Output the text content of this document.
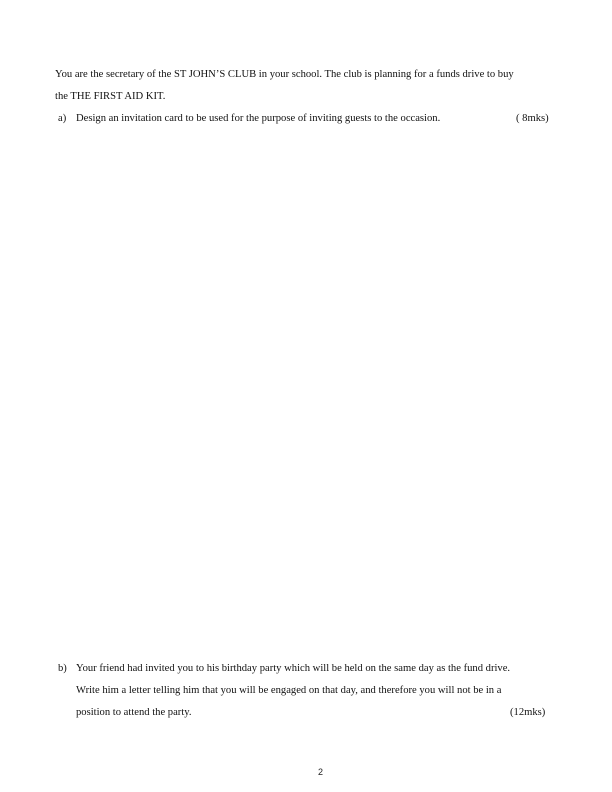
You are the secretary of the ST JOHN’S CLUB in your school. The club is planning for a funds drive to buy
the THE FIRST AID KIT.
a) Design an invitation card to be used for the purpose of inviting guests to the occasion.	( 8mks)
b) Your friend had invited you to his birthday party which will be held on the same day as the fund drive.
Write him a letter telling him that you will be engaged on that day, and therefore you will not be in a
position to attend the party.	(12mks)
2
